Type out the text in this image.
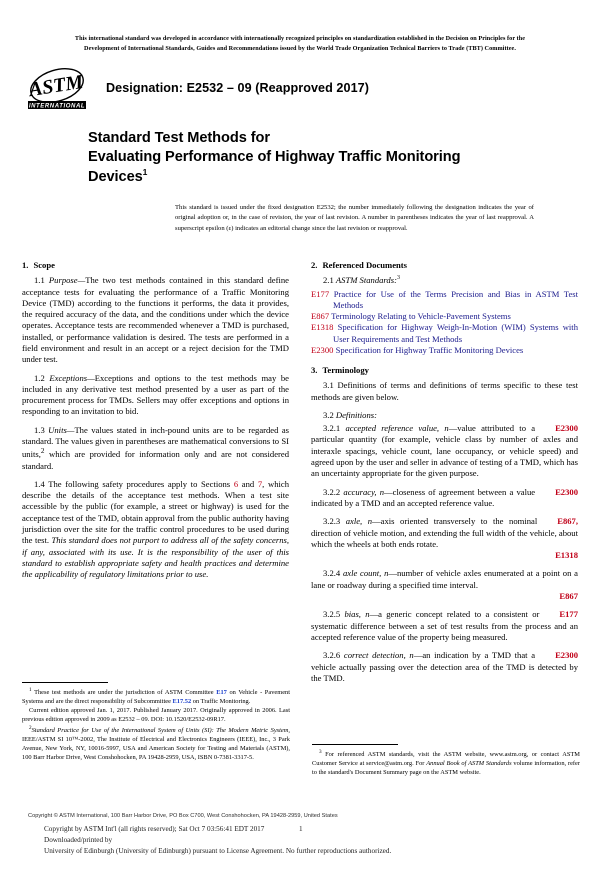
This international standard was developed in accordance with internationally recognized principles on standardization established in the Decision on Principles for the
Development of International Standards, Guides and Recommendations issued by the World Trade Organization Technical Barriers to Trade (TBT) Committee.
ASTM
INTERNATIONAL
Designation: E2532 – 09 (Reapproved 2017)
Standard Test Methods for
Evaluating Performance of Highway Traffic Monitoring
Devices$^1$
This standard is issued under the fixed designation E2532; the number immediately following the designation indicates the year of original adoption or, in the case of revision, the year of last revision. A number in parentheses indicates the year of last reapproval. A superscript epsilon (ε) indicates an editorial change since the last revision or reapproval.
1. Scope

1.1 Purpose—The two test methods contained in this standard define acceptance tests for evaluating the performance of a Traffic Monitoring Device (TMD) according to the functions it performs, the data it provides, the required accuracy of the data, and the conditions under which the device operates. Acceptance tests are recommended whenever a TMD is purchased, installed, or performance validation is desired. The tests are performed in a field environment and result in an accept or a reject decision for the TMD under test.

1.2 Exceptions—Exceptions and options to the test methods may be included in any derivative test method presented by a user as part of the procurement process for TMDs. Sellers may offer exceptions and options in responding to an invitation to bid.

1.3 Units—The values stated in inch-pound units are to be regarded as standard. The values given in parentheses are mathematical conversions to SI units,$^2$ which are provided for information only and are not considered standard.

1.4 The following safety procedures apply to Sections 6 and 7, which describe the details of the acceptance test methods. When a test site accessible by the public (for example, a street or highway) is used for the acceptance test of the TMD, obtain approval from the public authority having jurisdiction over the site for the traffic control procedures to be used during the test. This standard does not purport to address all of the safety concerns, if any, associated with its use. It is the responsibility of the user of this standard to establish appropriate safety and health practices and determine the applicability of regulatory limitations prior to use.

2. Referenced Documents
2.1 ASTM Standards:$^3$
E177 Practice for Use of the Terms Precision and Bias in ASTM Test Methods
E867 Terminology Relating to Vehicle-Pavement Systems
E1318 Specification for Highway Weigh-In-Motion (WIM) Systems with User Requirements and Test Methods
E2300 Specification for Highway Traffic Monitoring Devices
3. Terminology

3.1 Definitions of terms and definitions of terms specific to these test methods are given below.

3.2 Definitions:

E2300
3.2.1 accepted reference value, n—value attributed to a particular quantity (for example, vehicle class by number of axles and interaxle spacings, vehicle count, lane occupancy, or vehicle speed) and agreed upon by the user and seller in advance of testing of a TMD, which has an uncertainty appropriate for the given purpose.

E2300
3.2.2 accuracy, n—closeness of agreement between a value indicated by a TMD and an accepted reference value.

E867,
3.2.3 axle, n—axis oriented transversely to the nominal direction of vehicle motion, and extending the full width of the vehicle, about which the wheels at both ends rotate.

E1318

3.2.4 axle count, n—number of vehicle axles enumerated at a point on a lane or roadway during a specified time interval.

E867

E177
3.2.5 bias, n—a generic concept related to a consistent or systematic difference between a set of test results from the process and an accepted reference value of the property being measured.

E2300
3.2.6 correct detection, n—an indication by a TMD that a vehicle actually passing over the detection area of the TMD is detected by the TMD.

$^1$ These test methods are under the jurisdiction of ASTM Committee E17 on Vehicle - Pavement Systems and are the direct responsibility of Subcommittee E17.52 on Traffic Monitoring.

Current edition approved Jan. 1, 2017. Published January 2017. Originally approved in 2006. Last previous edition approved in 2009 as E2532 – 09. DOI: 10.1520/E2532-09R17.

$^2$Standard Practice for Use of the International System of Units (SI): The Modern Metric System, IEEE/ASTM SI 10™-2002, The Institute of Electrical and Electronics Engineers (IEEE), Inc., 3 Park Avenue, New York, NY, 10016-5997, USA and American Society for Testing and Materials (ASTM), 100 Barr Harbor Drive, West Conshohocken, PA 19428-2959, USA, ISBN 0-7381-3317-5.

$^3$ For referenced ASTM standards, visit the ASTM website, www.astm.org, or contact ASTM Customer Service at service@astm.org. For Annual Book of ASTM Standards volume information, refer to the standard's Document Summary page on the ASTM website.

Copyright © ASTM International, 100 Barr Harbor Drive, PO Box C700, West Conshohocken, PA 19428-2959, United States
Copyright by ASTM Int'l (all rights reserved); Sat Oct 7 03:56:41 EDT 2017
Downloaded/printed by
University of Edinburgh (University of Edinburgh) pursuant to License Agreement. No further reproductions authorized.
1
